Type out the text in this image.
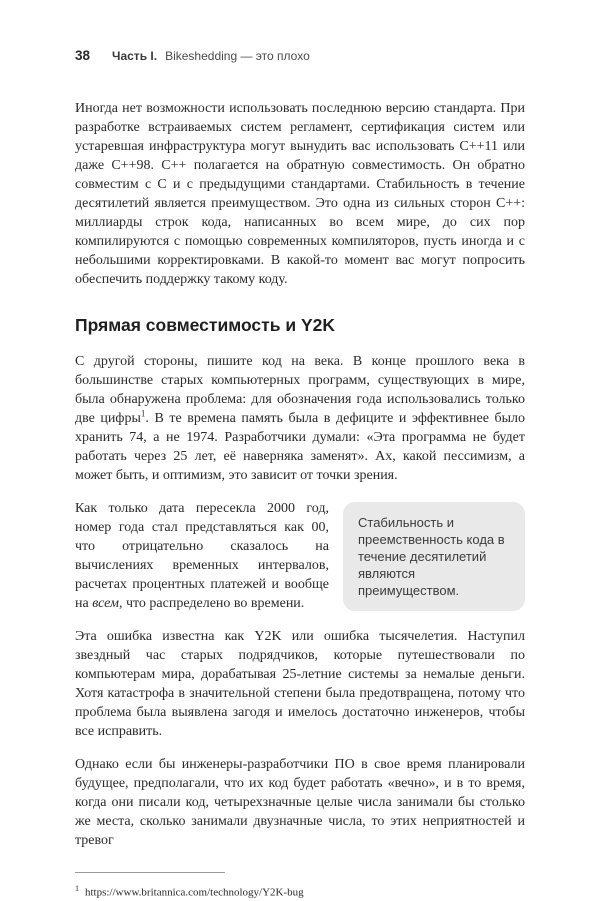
38 Часть I. Bikeshedding — это плохо

Иногда нет возможности использовать последнюю версию стандарта. При разработке встраиваемых систем регламент, сертификация систем или устаревшая инфраструктура могут вынудить вас использовать C++11 или даже C++98. C++ полагается на обратную совместимость. Он обратно совместим с C и с предыдущими стандартами. Стабильность в течение десятилетий является преимуществом. Это одна из сильных сторон C++: миллиарды строк кода, написанных во всем мире, до сих пор компилируются с помощью современных компиляторов, пусть иногда и с небольшими корректировками. В какой-то момент вас могут попросить обеспечить поддержку такому коду.

Прямая совместимость и Y2K

С другой стороны, пишите код на века. В конце прошлого века в большинстве старых компьютерных программ, существующих в мире, была обнаружена проблема: для обозначения года использовались только две цифры$^1$. В те времена память была в дефиците и эффективнее было хранить 74, а не 1974. Разработчики думали: «Эта программа не будет работать через 25 лет, её наверняка заменят». Ах, какой пессимизм, а может быть, и оптимизм, это зависит от точки зрения.

Стабильность и преемственность кода в течение десятилетий являются преимуществом.

Как только дата пересекла 2000 год, номер года стал представляться как 00, что отрицательно сказалось на вычислениях временных интервалов, расчетах процентных платежей и вообще на всем, что распределено во времени.

Эта ошибка известна как Y2K или ошибка тысячелетия. Наступил звездный час старых подрядчиков, которые путешествовали по компьютерам мира, дорабатывая 25-летние системы за немалые деньги. Хотя катастрофа в значительной степени была предотвращена, потому что проблема была выявлена загодя и имелось достаточно инженеров, чтобы все исправить.

Однако если бы инженеры-разработчики ПО в свое время планировали будущее, предполагали, что их код будет работать «вечно», и в то время, когда они писали код, четырехзначные целые числа занимали бы столько же места, сколько занимали двузначные числа, то этих неприятностей и тревог

$^1$ https://www.britannica.com/technology/Y2K-bug
